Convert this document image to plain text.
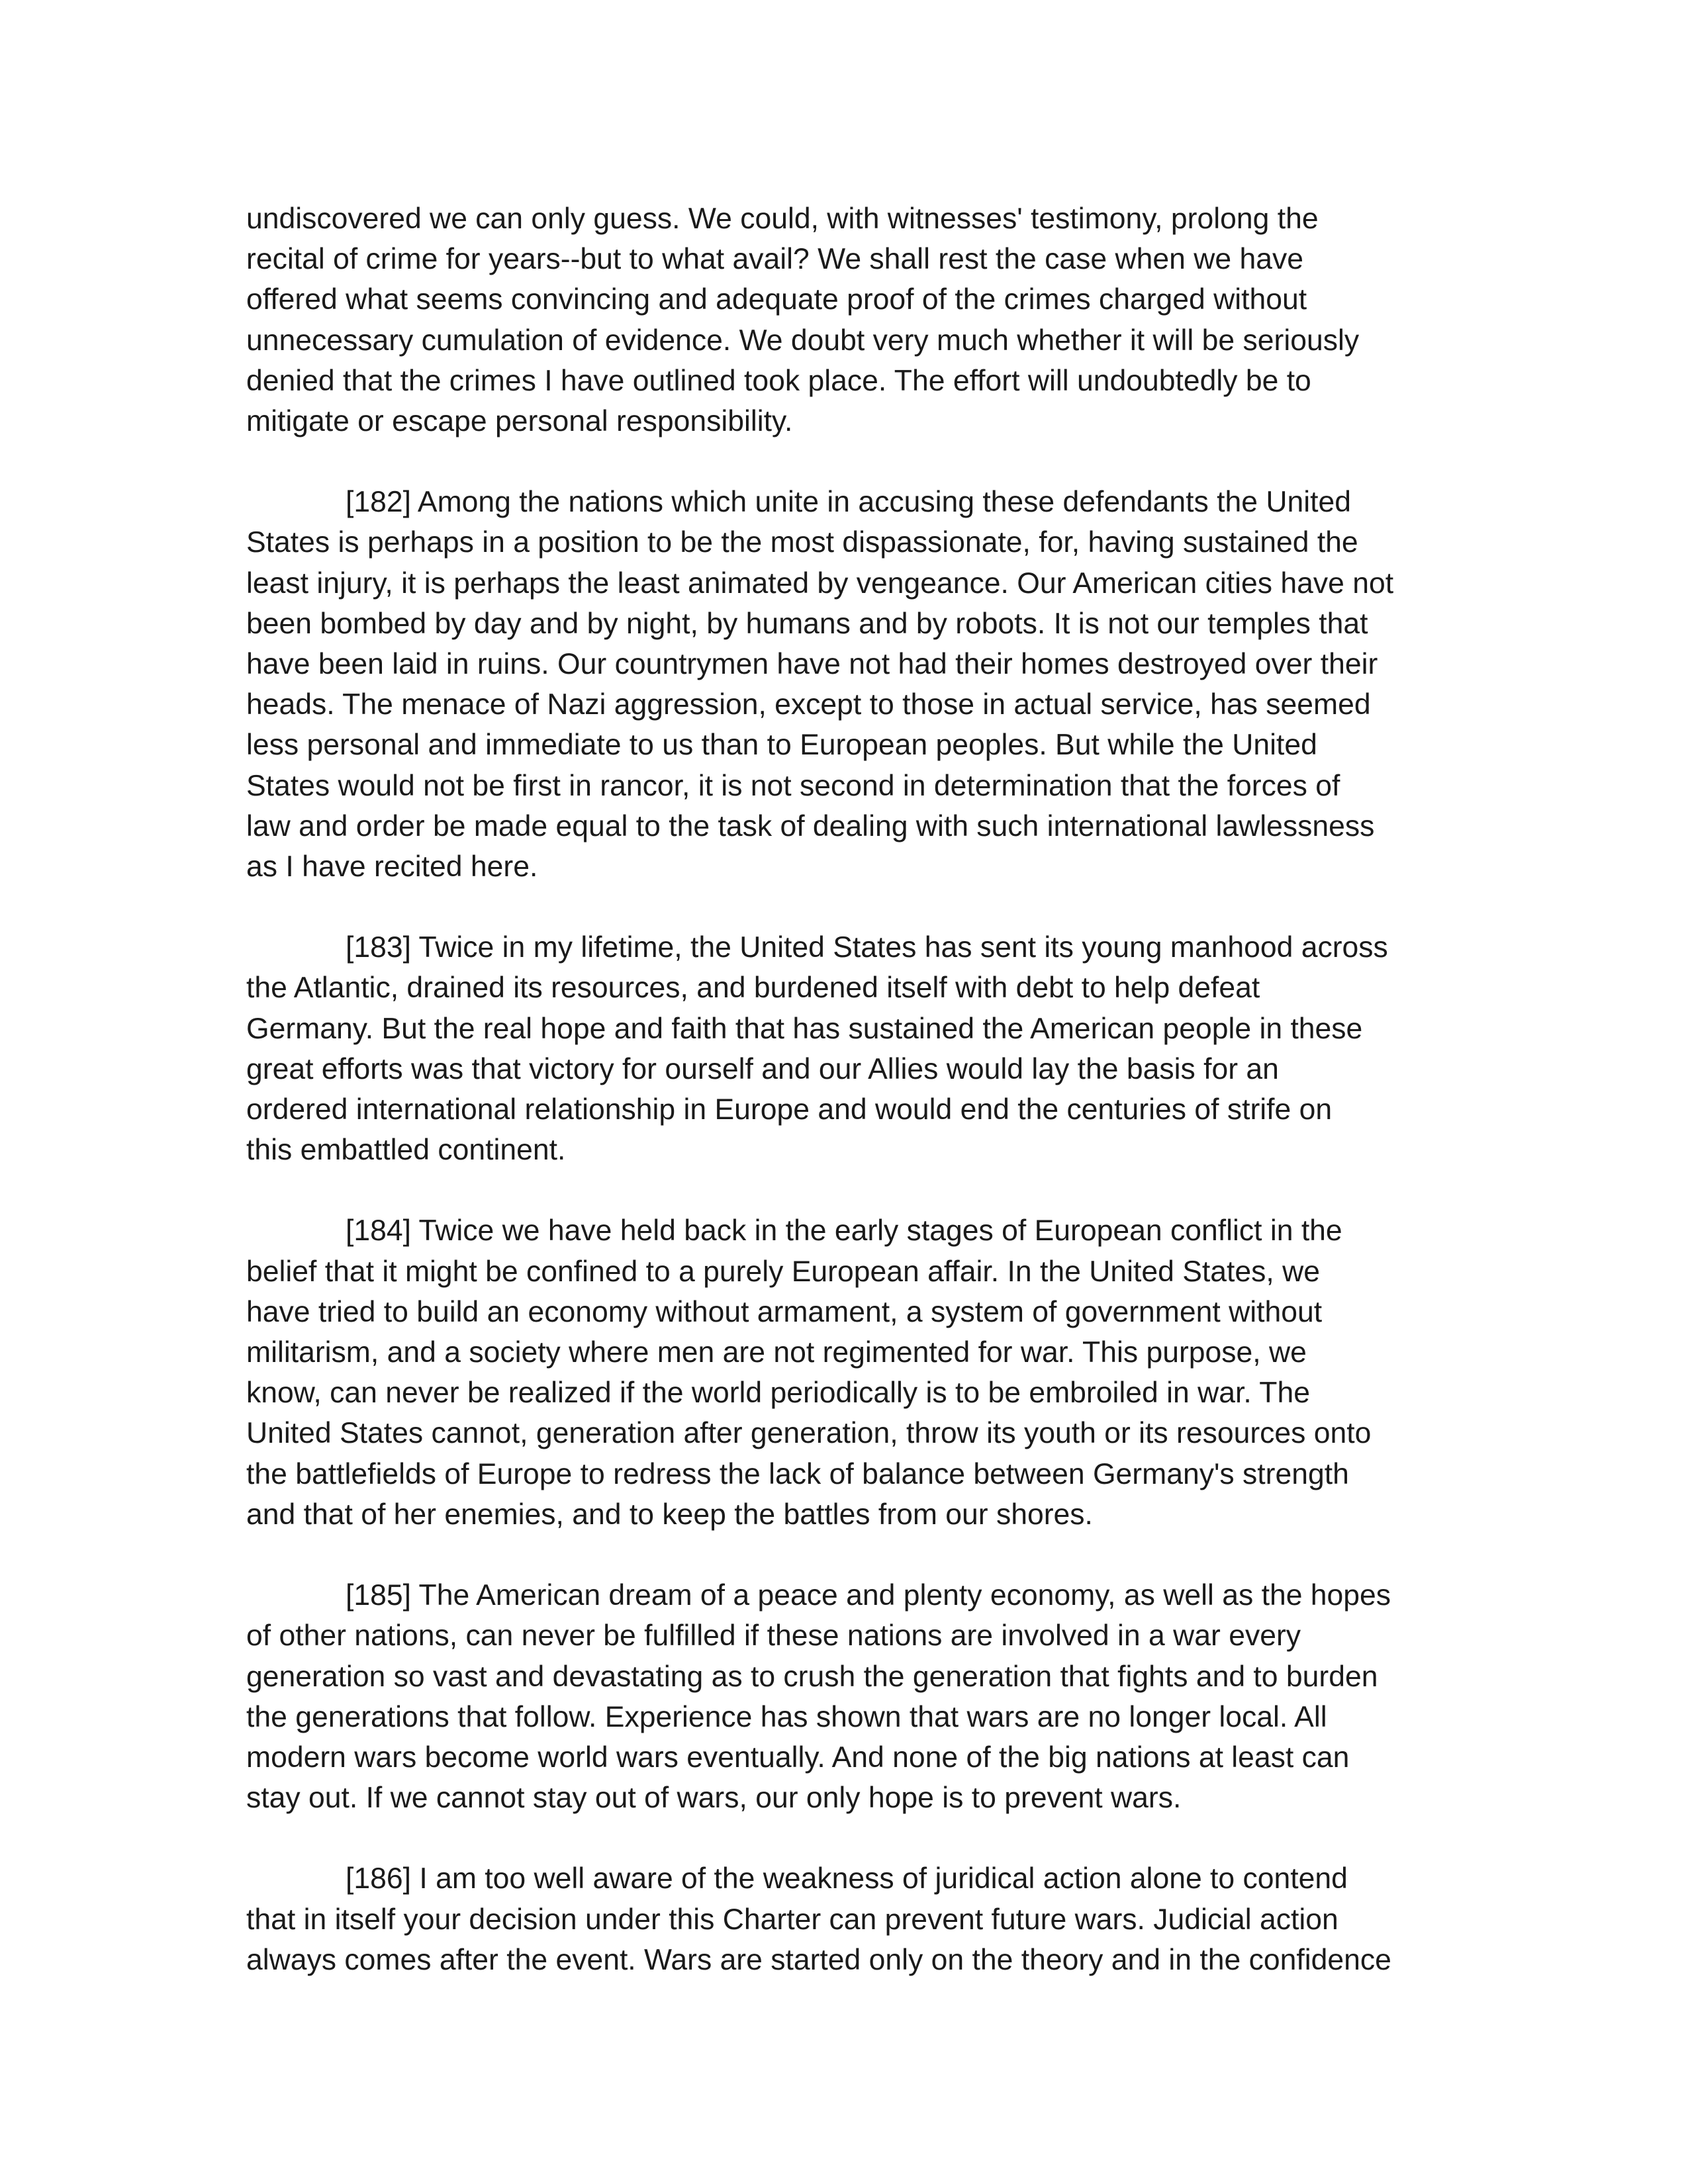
undiscovered we can only guess. We could, with witnesses' testimony, prolong the
recital of crime for years--but to what avail? We shall rest the case when we have
offered what seems convincing and adequate proof of the crimes charged without
unnecessary cumulation of evidence. We doubt very much whether it will be seriously
denied that the crimes I have outlined took place. The effort will undoubtedly be to
mitigate or escape personal responsibility.

[182] Among the nations which unite in accusing these defendants the United
States is perhaps in a position to be the most dispassionate, for, having sustained the
least injury, it is perhaps the least animated by vengeance. Our American cities have not
been bombed by day and by night, by humans and by robots. It is not our temples that
have been laid in ruins. Our countrymen have not had their homes destroyed over their
heads. The menace of Nazi aggression, except to those in actual service, has seemed
less personal and immediate to us than to European peoples. But while the United
States would not be first in rancor, it is not second in determination that the forces of
law and order be made equal to the task of dealing with such international lawlessness
as I have recited here.

[183] Twice in my lifetime, the United States has sent its young manhood across
the Atlantic, drained its resources, and burdened itself with debt to help defeat
Germany. But the real hope and faith that has sustained the American people in these
great efforts was that victory for ourself and our Allies would lay the basis for an
ordered international relationship in Europe and would end the centuries of strife on
this embattled continent.

[184] Twice we have held back in the early stages of European conflict in the
belief that it might be confined to a purely European affair. In the United States, we
have tried to build an economy without armament, a system of government without
militarism, and a society where men are not regimented for war. This purpose, we
know, can never be realized if the world periodically is to be embroiled in war. The
United States cannot, generation after generation, throw its youth or its resources onto
the battlefields of Europe to redress the lack of balance between Germany's strength
and that of her enemies, and to keep the battles from our shores.

[185] The American dream of a peace and plenty economy, as well as the hopes
of other nations, can never be fulfilled if these nations are involved in a war every
generation so vast and devastating as to crush the generation that fights and to burden
the generations that follow. Experience has shown that wars are no longer local. All
modern wars become world wars eventually. And none of the big nations at least can
stay out. If we cannot stay out of wars, our only hope is to prevent wars.

[186] I am too well aware of the weakness of juridical action alone to contend
that in itself your decision under this Charter can prevent future wars. Judicial action
always comes after the event. Wars are started only on the theory and in the confidence
